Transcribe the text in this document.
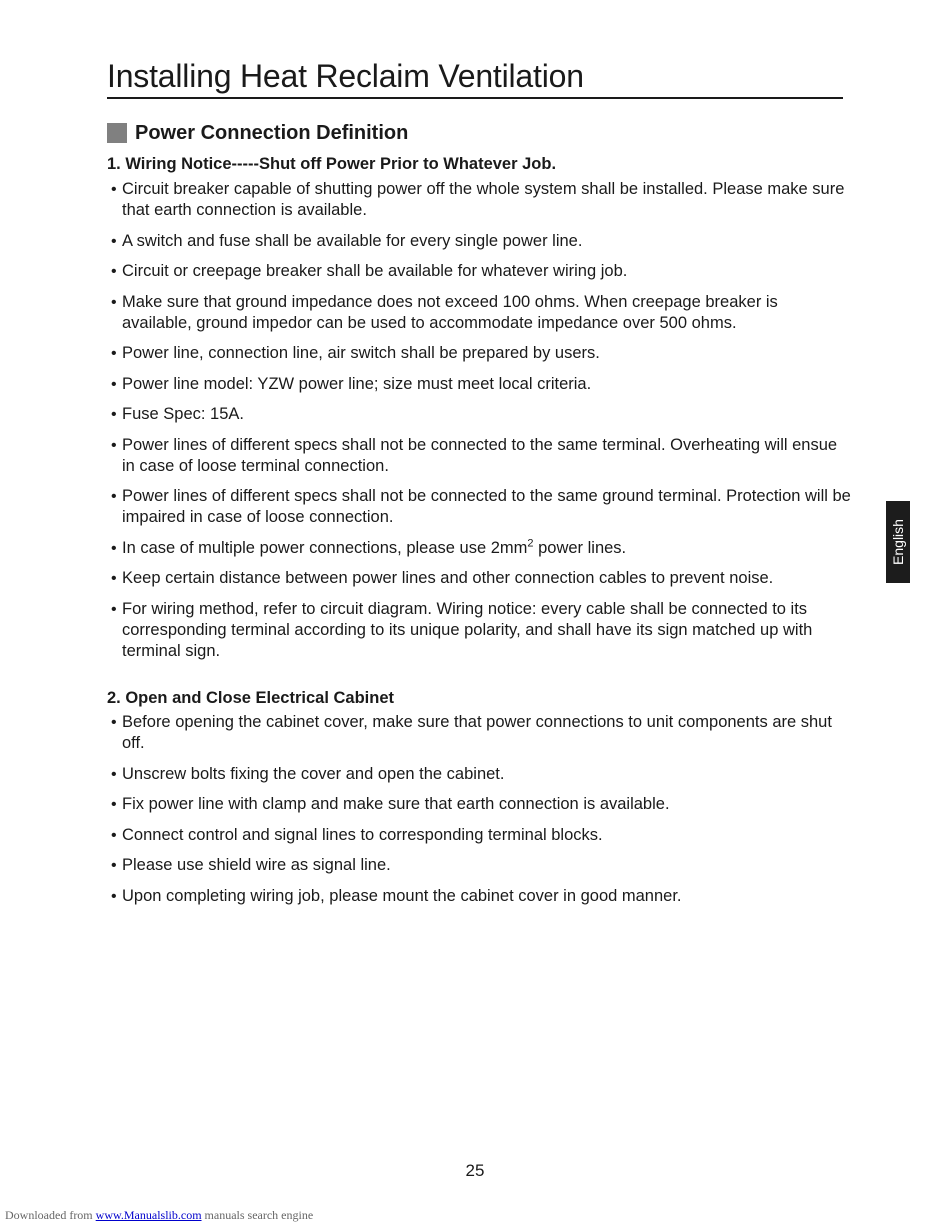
Installing Heat Reclaim Ventilation
Power Connection Definition
1. Wiring Notice-----Shut off Power Prior to Whatever Job.
• Circuit breaker capable of shutting power off the whole system shall be installed. Please make sure that earth connection is available.
• A switch and fuse shall be available for every single power line.
• Circuit or creepage breaker shall be available for whatever wiring job.
• Make sure that ground impedance does not exceed 100 ohms. When creepage breaker is available, ground impedor can be used to accommodate impedance over 500 ohms.
• Power line, connection line, air switch shall be prepared by users.
• Power line model: YZW power line; size must meet local criteria.
• Fuse Spec: 15A.
• Power lines of different specs shall not be connected to the same terminal. Overheating will ensue in case of loose terminal connection.
• Power lines of different specs shall not be connected to the same ground terminal. Protection will be impaired in case of loose connection.
• In case of multiple power connections, please use $2mm^2$ power lines.
• Keep certain distance between power lines and other connection cables to prevent noise.
• For wiring method, refer to circuit diagram. Wiring notice: every cable shall be connected to its corresponding terminal according to its unique polarity, and shall have its sign matched up with terminal sign.
2. Open and Close Electrical Cabinet
• Before opening the cabinet cover, make sure that power connections to unit components are shut off.
• Unscrew bolts fixing the cover and open the cabinet.
• Fix power line with clamp and make sure that earth connection is available.
• Connect control and signal lines to corresponding terminal blocks.
• Please use shield wire as signal line.
• Upon completing wiring job, please mount the cabinet cover in good manner.
English
25
Downloaded from www.Manualslib.com manuals search engine
